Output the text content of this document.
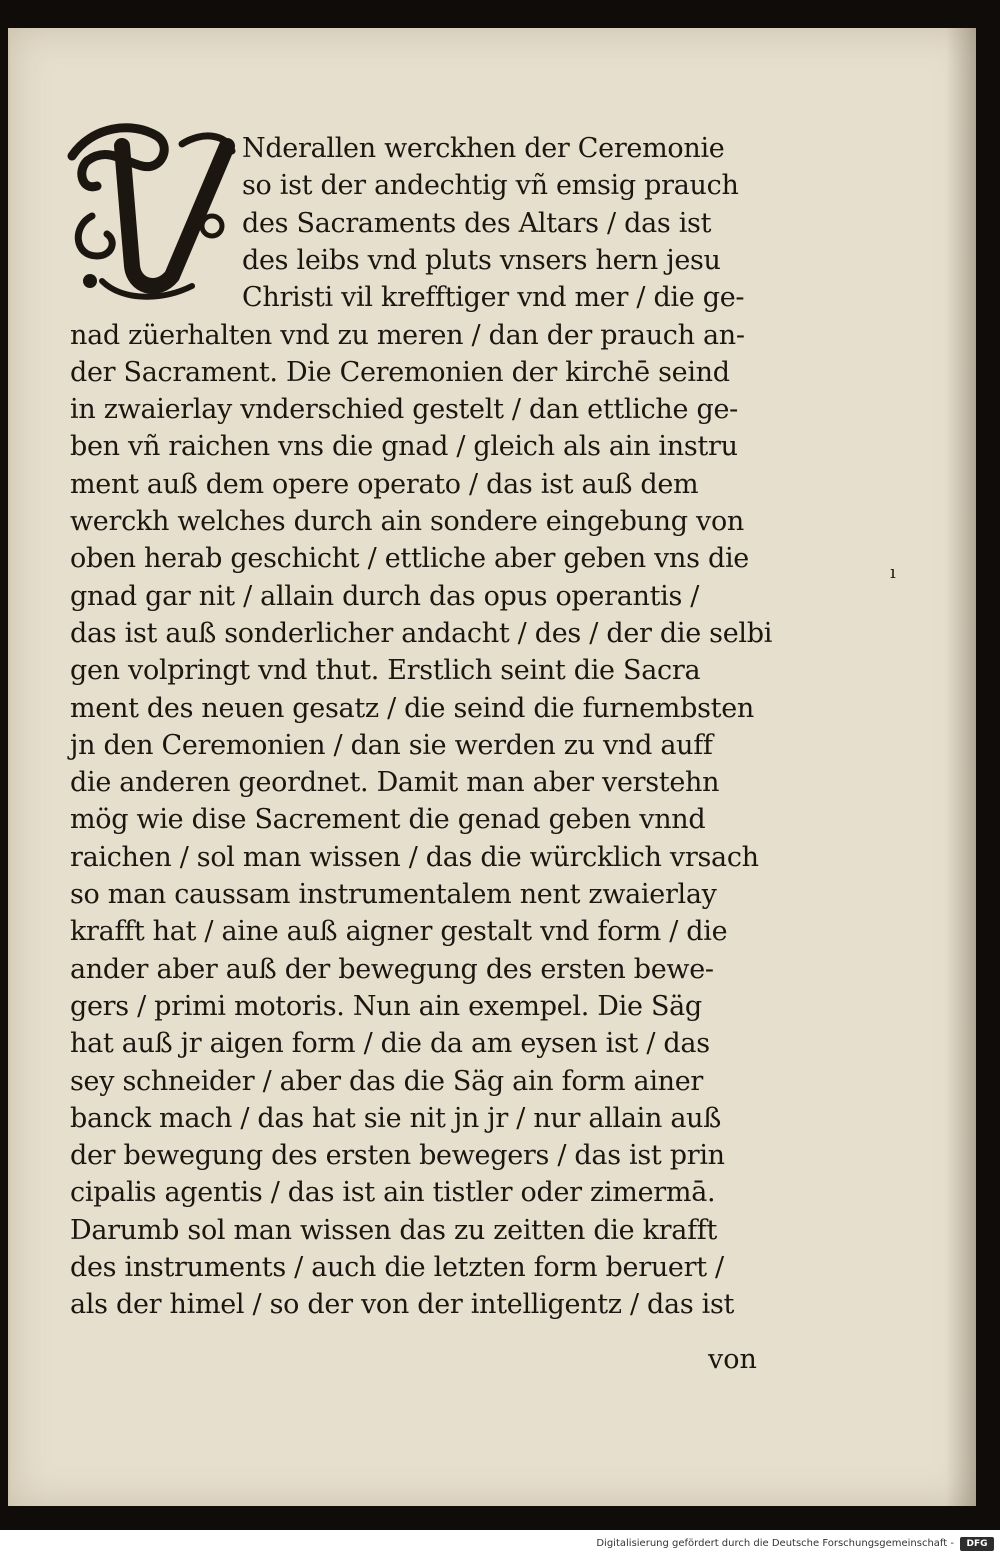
Nderallen werckhen der Ceremonie
so ist der andechtig vñ emsig prauch
des Sacraments des Altars / das ist
des leibs vnd pluts vnsers hern jesu
Christi vil krefftiger vnd mer / die ge-
nad züerhalten vnd zu meren / dan der prauch an-
der Sacrament. Die Ceremonien der kirchē seind
in zwaierlay vnderschied gestelt / dan ettliche ge-
ben vñ raichen vns die gnad / gleich als ain instru
ment auß dem opere operato / das ist auß dem
werckh welches durch ain sondere eingebung von
oben herab geschicht / ettliche aber geben vns die
gnad gar nit / allain durch das opus operantis /
das ist auß sonderlicher andacht / des / der die selbi
gen volpringt vnd thut. Erstlich seint die Sacra
ment des neuen gesatz / die seind die furnembsten
jn den Ceremonien / dan sie werden zu vnd auff
die anderen geordnet. Damit man aber verstehn
mög wie dise Sacrement die genad geben vnnd
raichen / sol man wissen / das die würcklich vrsach
so man caussam instrumentalem nent zwaierlay
krafft hat / aine auß aigner gestalt vnd form / die
ander aber auß der bewegung des ersten bewe-
gers / primi motoris. Nun ain exempel. Die Säg
hat auß jr aigen form / die da am eysen ist / das
sey schneider / aber das die Säg ain form ainer
banck mach / das hat sie nit jn jr / nur allain auß
der bewegung des ersten bewegers / das ist prin
cipalis agentis / das ist ain tistler oder zimermā.
Darumb sol man wissen das zu zeitten die krafft
des instruments / auch die letzten form beruert /
als der himel / so der von der intelligentz / das ist
ı
von
Digitalisierung gefördert durch die Deutsche Forschungsgemeinschaft -	DFG
